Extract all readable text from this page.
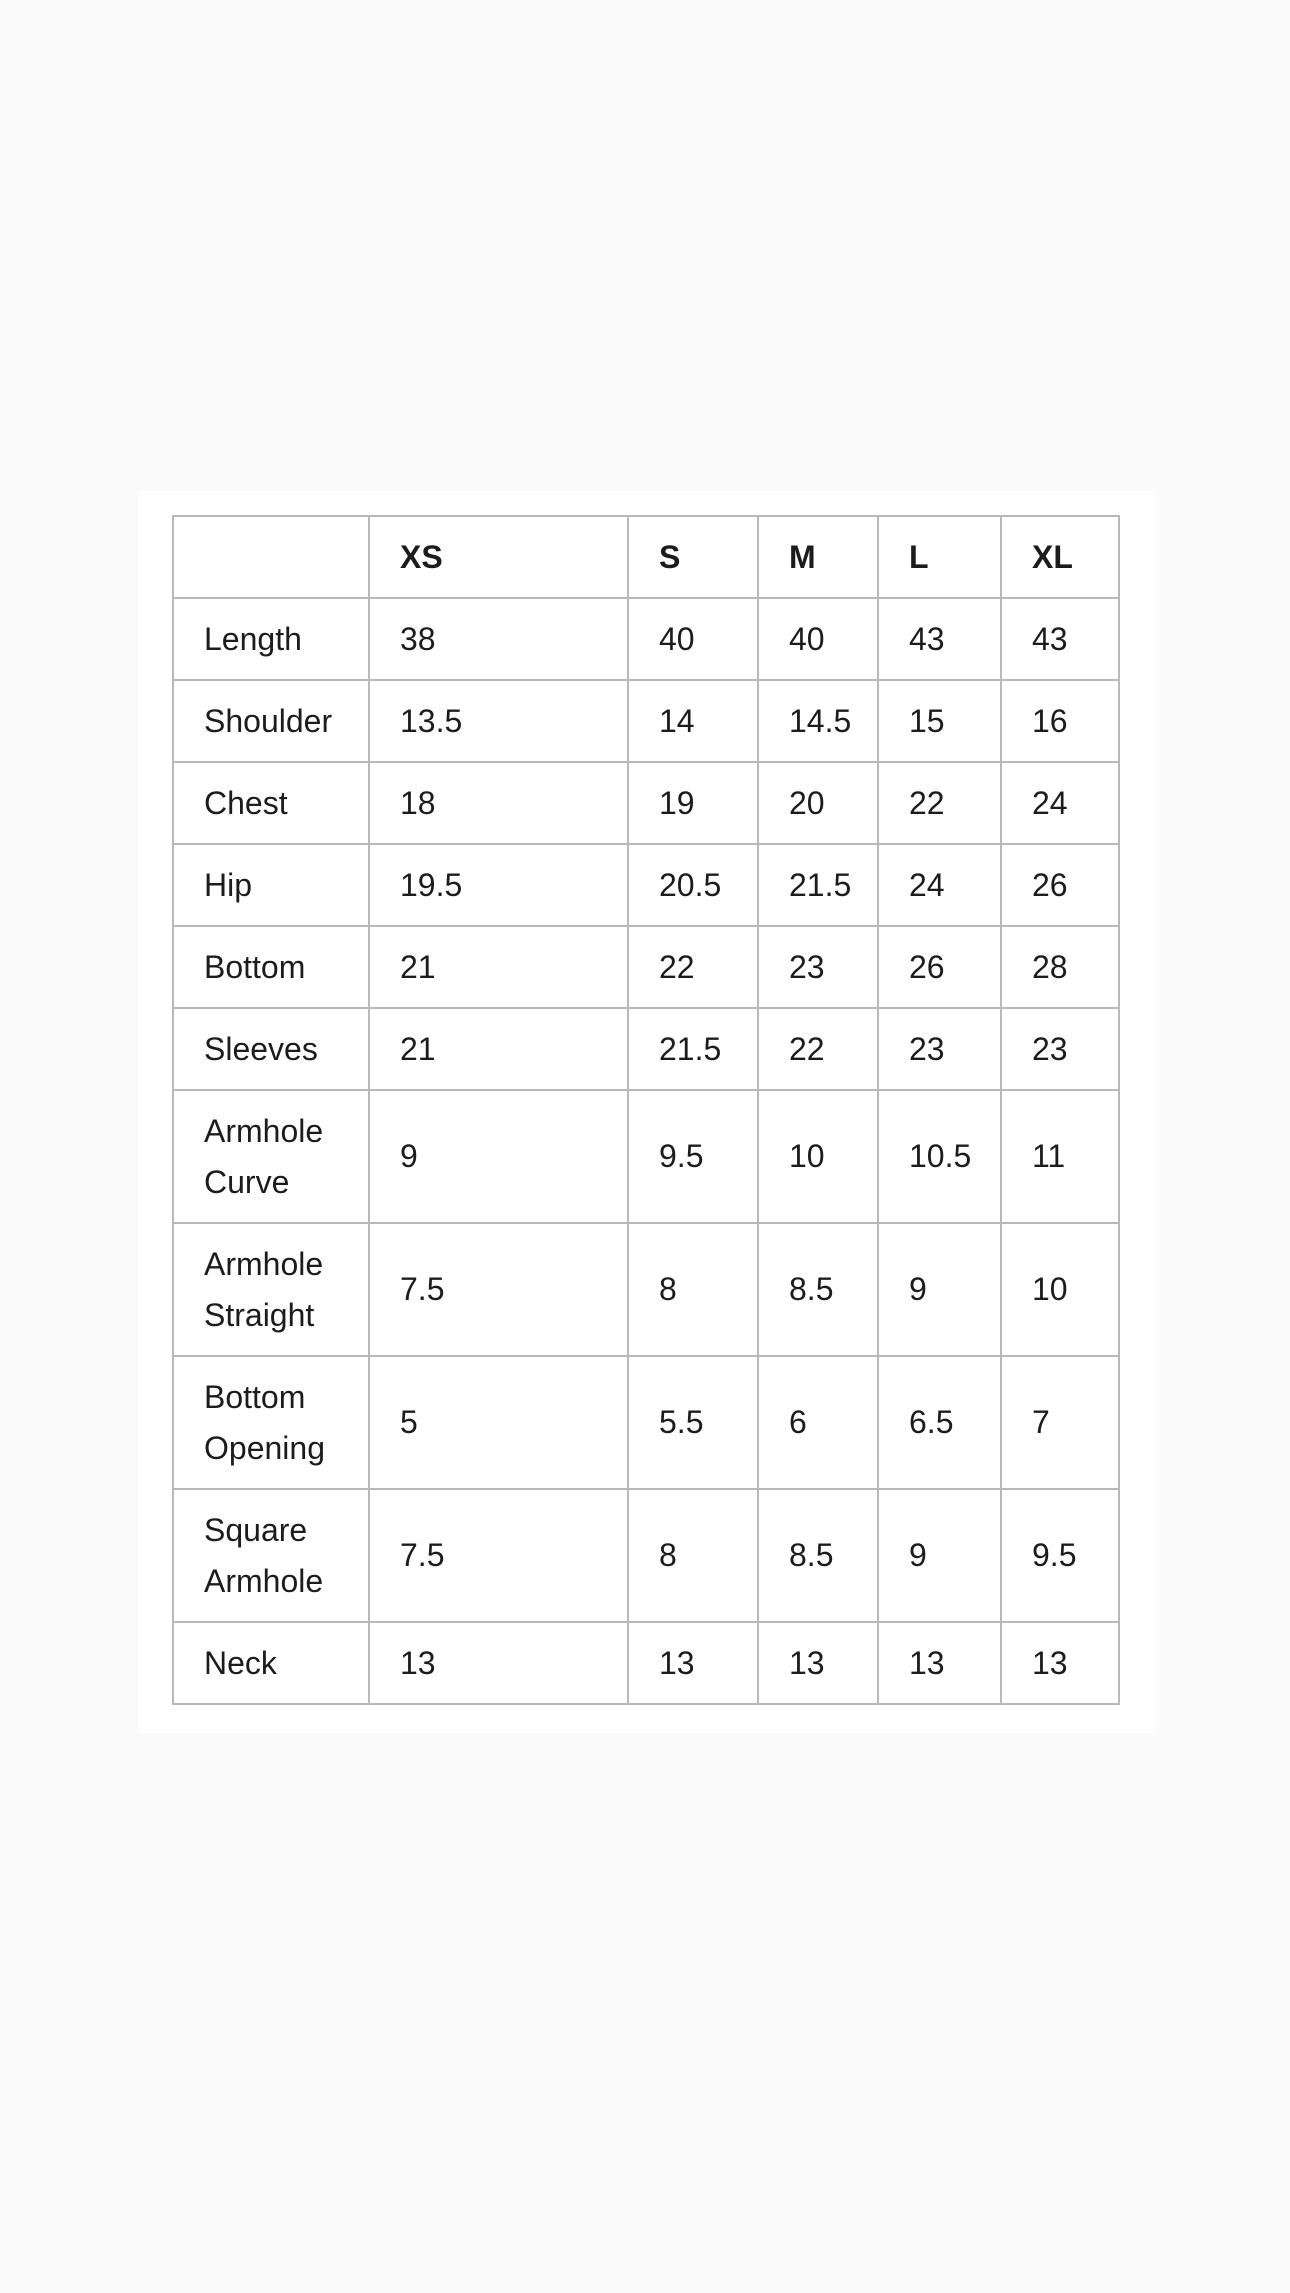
	XS	S	M	L	XL
Length	38	40	40	43	43
Shoulder	13.5	14	14.5	15	16
Chest	18	19	20	22	24
Hip	19.5	20.5	21.5	24	26
Bottom	21	22	23	26	28
Sleeves	21	21.5	22	23	23
Armhole Curve	9	9.5	10	10.5	11
Armhole Straight	7.5	8	8.5	9	10
Bottom Opening	5	5.5	6	6.5	7
Square Armhole	7.5	8	8.5	9	9.5
Neck	13	13	13	13	13
